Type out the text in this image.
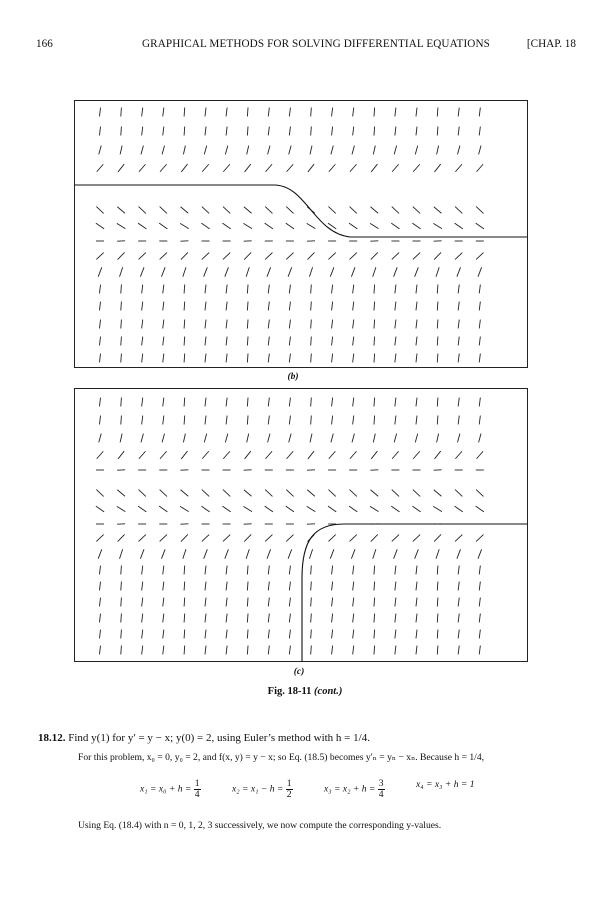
166	GRAPHICAL METHODS FOR SOLVING DIFFERENTIAL EQUATIONS	[CHAP. 18
(b)
(c)
Fig. 18-11 (cont.)
18.12. Find y(1) for y′ = y − x; y(0) = 2, using Euler’s method with h = 1/4.
For this problem, x₀ = 0, y₀ = 2, and f(x, y) = y − x; so Eq. (18.5) becomes y′ₙ = yₙ − xₙ. Because h = 1/4,
$x_1 = x_0 + h = \frac{1}{4}$	$x_2 = x_1 - h = \frac{1}{2}$	$x_3 = x_2 + h = \frac{3}{4}$	x₄ = x₃ + h = 1
Using Eq. (18.4) with n = 0, 1, 2, 3 successively, we now compute the corresponding y-values.
